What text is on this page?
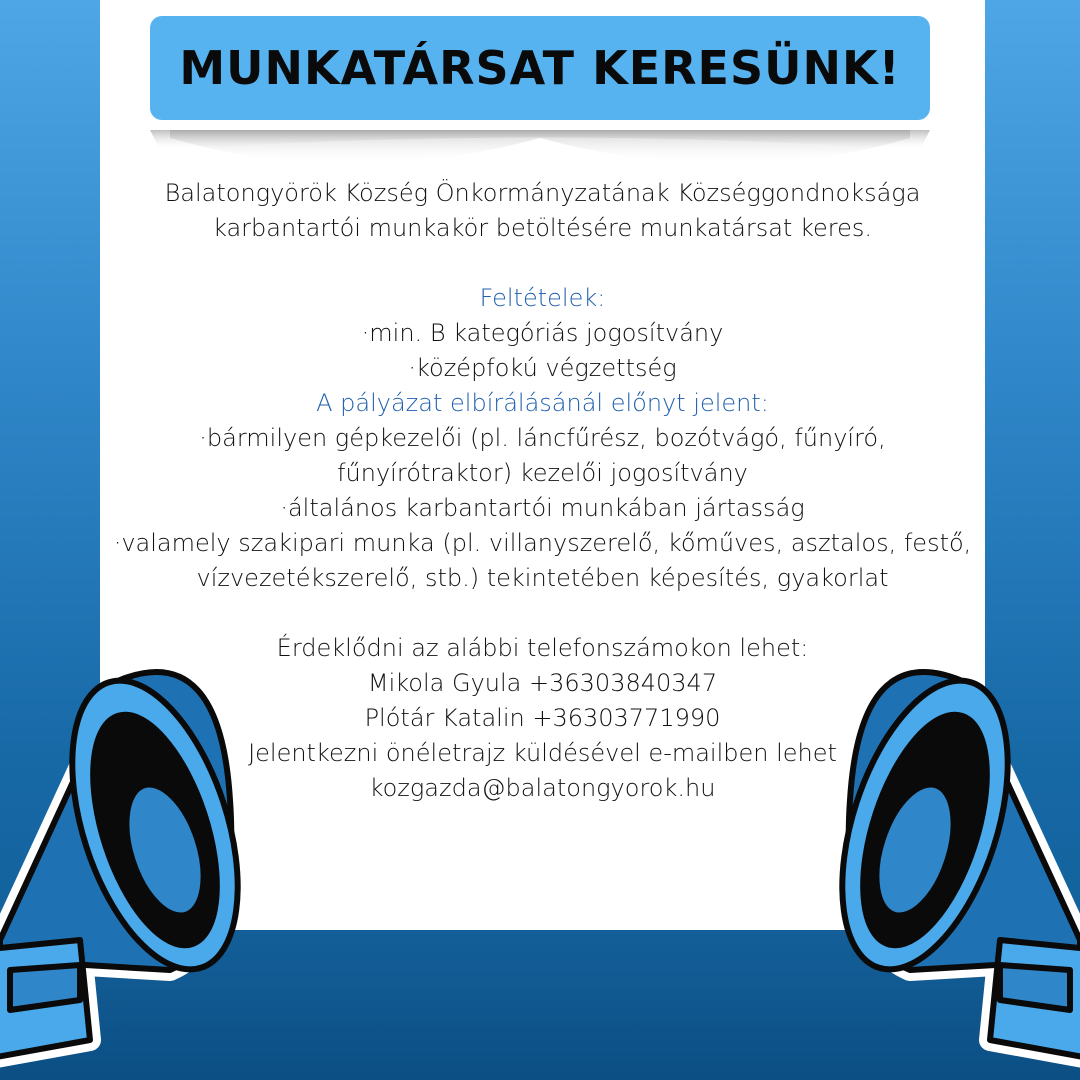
MUNKATÁRSAT KERESÜNK!
Balatongyörök Község Önkormányzatának Községgondnoksága
karbantartói munkakör betöltésére munkatársat keres.
Feltételek:
·min. B kategóriás jogosítvány
·középfokú végzettség
A pályázat elbírálásánál előnyt jelent:
·bármilyen gépkezelői (pl. láncfűrész, bozótvágó, fűnyíró,
fűnyírótraktor) kezelői jogosítvány
·általános karbantartói munkában jártasság
·valamely szakipari munka (pl. villanyszerelő, kőműves, asztalos, festő,
vízvezetékszerelő, stb.) tekintetében képesítés, gyakorlat
Érdeklődni az alábbi telefonszámokon lehet:
Mikola Gyula +36303840347
Plótár Katalin +36303771990
Jelentkezni önéletrajz küldésével e-mailben lehet
kozgazda@balatongyorok.hu
